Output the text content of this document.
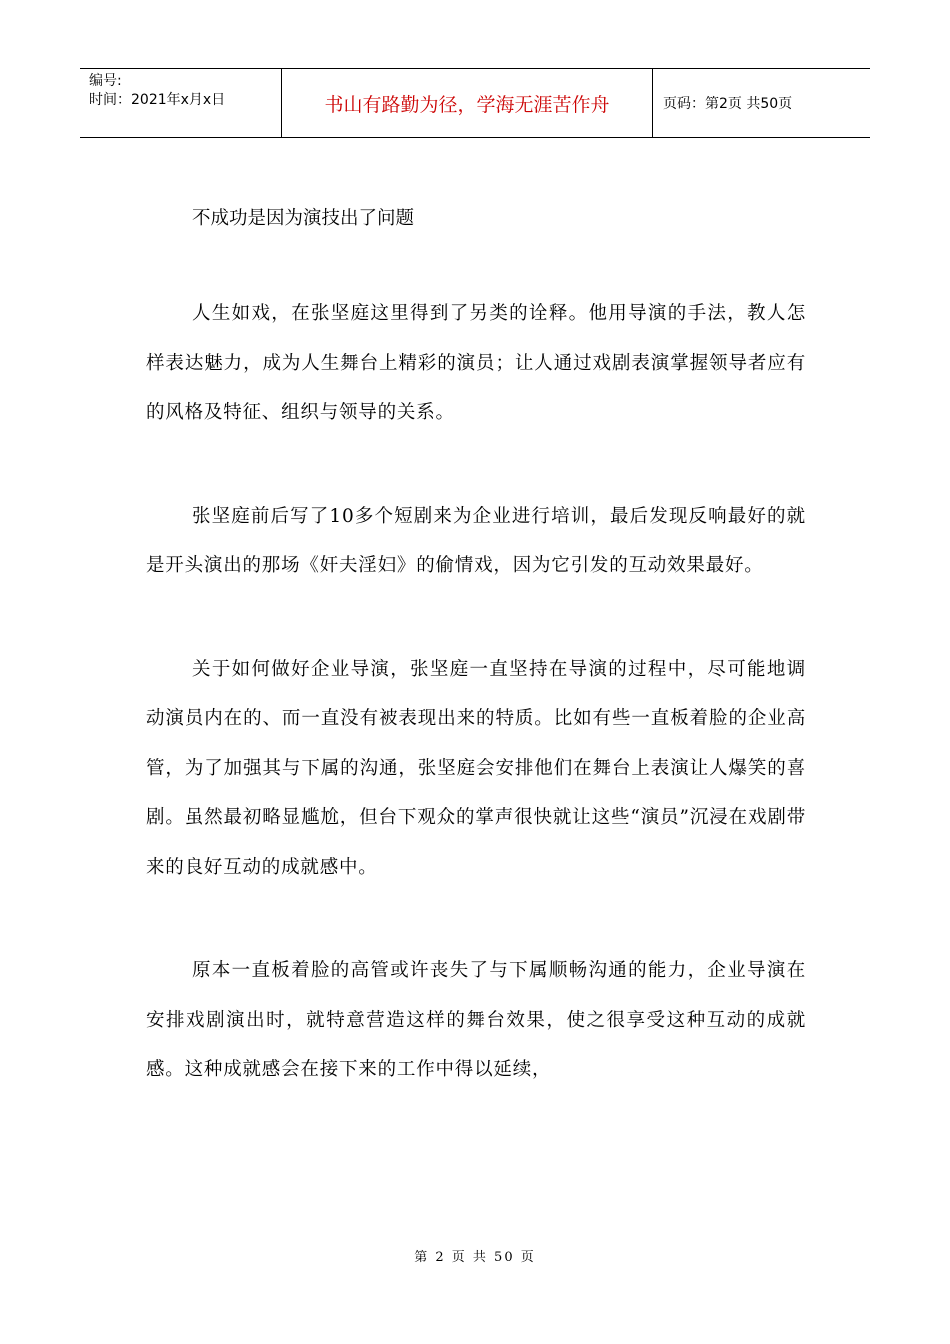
编号:
时间：2021年x月x日	书山有路勤为径，学海无涯苦作舟	页码：第2页 共50页

不成功是因为演技出了问题

人生如戏，在张坚庭这里得到了另类的诠释。他用导演的手法，教人怎样表达魅力，成为人生舞台上精彩的演员；让人通过戏剧表演掌握领导者应有的风格及特征、组织与领导的关系。

张坚庭前后写了10多个短剧来为企业进行培训，最后发现反响最好的就是开头演出的那场《奸夫淫妇》的偷情戏，因为它引发的互动效果最好。

关于如何做好企业导演，张坚庭一直坚持在导演的过程中，尽可能地调动演员内在的、而一直没有被表现出来的特质。比如有些一直板着脸的企业高管，为了加强其与下属的沟通，张坚庭会安排他们在舞台上表演让人爆笑的喜剧。虽然最初略显尴尬，但台下观众的掌声很快就让这些“演员”沉浸在戏剧带来的良好互动的成就感中。

原本一直板着脸的高管或许丧失了与下属顺畅沟通的能力，企业导演在安排戏剧演出时，就特意营造这样的舞台效果，使之很享受这种互动的成就感。这种成就感会在接下来的工作中得以延续，

第 2 页 共 50 页
